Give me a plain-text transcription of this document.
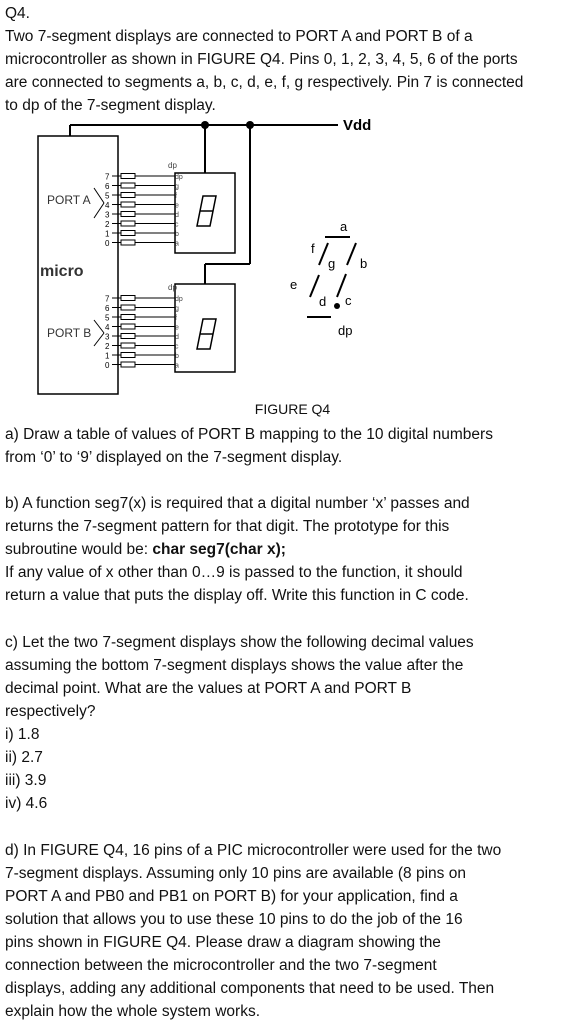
Q4.
Two 7-segment displays are connected to PORT A and PORT B of a
microcontroller as shown in FIGURE Q4. Pins 0, 1, 2, 3, 4, 5, 6 of the ports
are connected to segments a, b, c, d, e, f, g respectively. Pin 7 is connected
to dp of the 7-segment display.
Vdd
micro
PORT A
PORT B
7	dp
6	g
5	f
4	e
3	d
2	c
1	b
0	a
dp
7	dp
6	g
5	f
4	e
3	d
2	c
1	b
0	a
dp
a
b
c
d
e
f
g
dp
FIGURE Q4
a) Draw a table of values of PORT B mapping to the 10 digital numbers
from ‘0’ to ‘9’ displayed on the 7-segment display.
b) A function seg7(x) is required that a digital number ‘x’ passes and
returns the 7-segment pattern for that digit. The prototype for this
subroutine would be: char seg7(char x);
If any value of x other than 0…9 is passed to the function, it should
return a value that puts the display off. Write this function in C code.
c) Let the two 7-segment displays show the following decimal values
assuming the bottom 7-segment displays shows the value after the
decimal point. What are the values at PORT A and PORT B
respectively?
i) 1.8
ii) 2.7
iii) 3.9
iv) 4.6
d) In FIGURE Q4, 16 pins of a PIC microcontroller were used for the two
7-segment displays. Assuming only 10 pins are available (8 pins on
PORT A and PB0 and PB1 on PORT B) for your application, find a
solution that allows you to use these 10 pins to do the job of the 16
pins shown in FIGURE Q4. Please draw a diagram showing the
connection between the microcontroller and the two 7-segment
displays, adding any additional components that need to be used. Then
explain how the whole system works.
